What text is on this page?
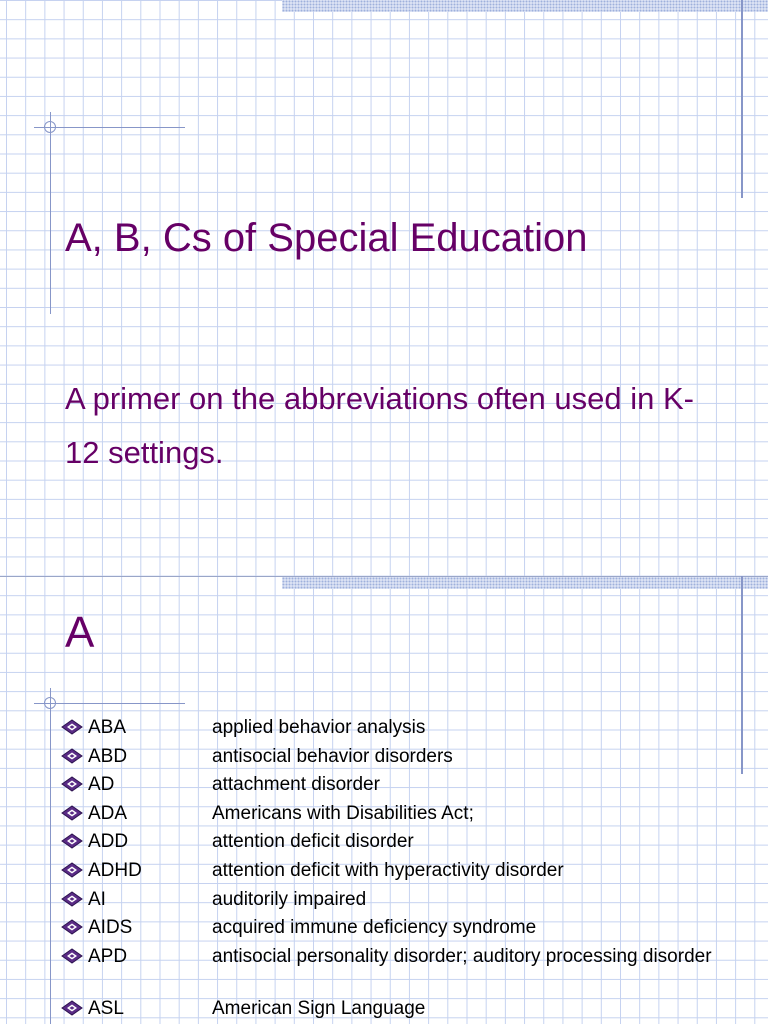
A, B, Cs of Special Education

A primer on the abbreviations often used in K-12 settings.

A
ABA	applied behavior analysis
ABD	antisocial behavior disorders
AD	attachment disorder
ADA	Americans with Disabilities Act;
ADD	attention deficit disorder
ADHD	attention deficit with hyperactivity disorder
AI	auditorily impaired
AIDS	acquired immune deficiency syndrome
APD	antisocial personality disorder; auditory processing disorder
ASL	American Sign Language
